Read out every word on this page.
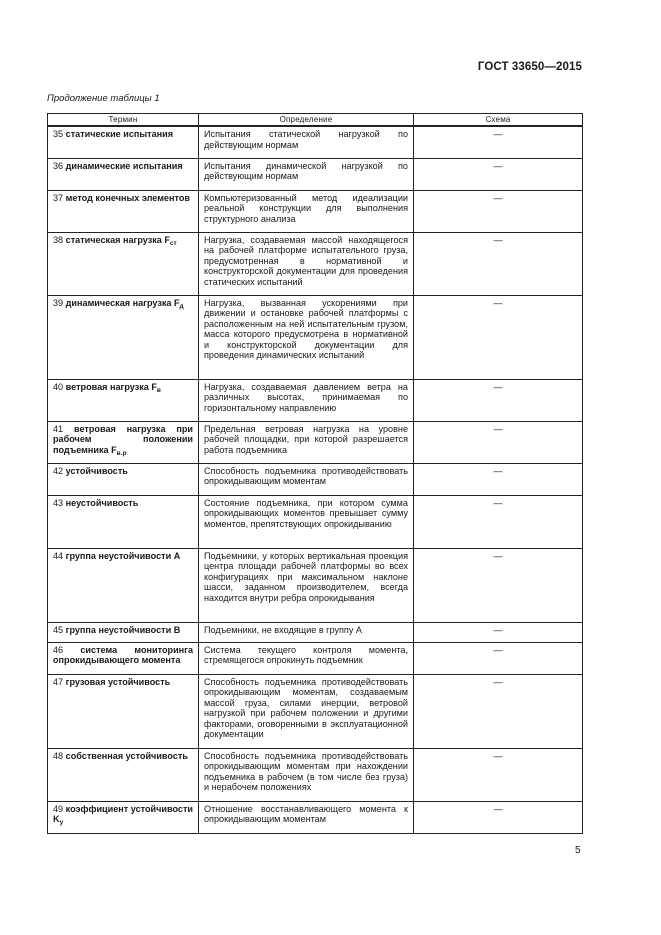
ГОСТ 33650—2015
Продолжение таблицы 1
Термин	Определение	Схема
35 статические испытания	Испытания статической нагрузкой по действующим нормам	—
36 динамические испытания	Испытания динамической нагрузкой по действующим нормам	—
37 метод конечных элементов	Компьютеризованный метод идеализации реальной конструкции для выполнения структурного анализа	—
38 статическая нагрузка $F_{ст}$	Нагрузка, создаваемая массой находящегося на рабочей платформе испытательного груза, предусмотренная в нормативной и конструкторской документации для проведения статических испытаний	—
39 динамическая нагрузка $F_д$	Нагрузка, вызванная ускорениями при движении и остановке рабочей платформы с расположенным на ней испытательным грузом, масса которого предусмотрена в нормативной и конструкторской документации для проведения динамических испытаний	—
40 ветровая нагрузка $F_в$	Нагрузка, создаваемая давлением ветра на различных высотах, принимаемая по горизонтальному направлению	—
41 ветровая нагрузка при рабочем положении подъемника $F_{в.р}$	Предельная ветровая нагрузка на уровне рабочей площадки, при которой разрешается работа подъемника	—
42 устойчивость	Способность подъемника противодействовать опрокидывающим моментам	—
43 неустойчивость	Состояние подъемника, при котором сумма опрокидывающих моментов превышает сумму моментов, препятствующих опрокидыванию	—
44 группа неустойчивости А	Подъемники, у которых вертикальная проекция центра площади рабочей платформы во всех конфигурациях при максимальном наклоне шасси, заданном производителем, всегда находится внутри ребра опрокидывания	—
45 группа неустойчивости В	Подъемники, не входящие в группу А	—
46 система мониторинга опрокидывающего момента	Система текущего контроля момента, стремящегося опрокинуть подъемник	—
47 грузовая устойчивость	Способность подъемника противодействовать опрокидывающим моментам, создаваемым массой груза, силами инерции, ветровой нагрузкой при рабочем положении и другими факторами, оговоренными в эксплуатационной документации	—
48 собственная устойчивость	Способность подъемника противодействовать опрокидывающим моментам при нахождении подъемника в рабочем (в том числе без груза) и нерабочем положениях	—
49 коэффициент устойчивости $K_у$	Отношение восстанавливающего момента к опрокидывающим моментам	—
5
